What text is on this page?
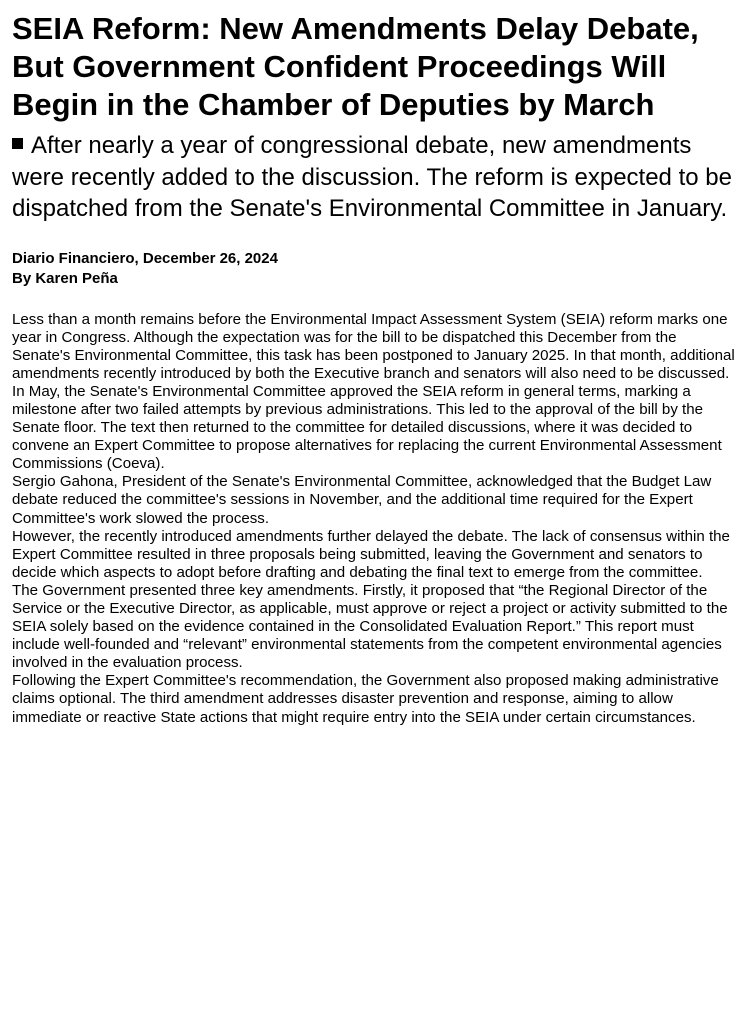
SEIA Reform: New Amendments Delay Debate, But Government Confident Proceedings Will Begin in the Chamber of Deputies by March
After nearly a year of congressional debate, new amendments were recently added to the discussion. The reform is expected to be dispatched from the Senate's Environmental Committee in January.
Diario Financiero, December 26, 2024
By Karen Peña

Less than a month remains before the Environmental Impact Assessment System (SEIA) reform marks one year in Congress. Although the expectation was for the bill to be dispatched this December from the Senate's Environmental Committee, this task has been postponed to January 2025. In that month, additional amendments recently introduced by both the Executive branch and senators will also need to be discussed.

In May, the Senate's Environmental Committee approved the SEIA reform in general terms, marking a milestone after two failed attempts by previous administrations. This led to the approval of the bill by the Senate floor. The text then returned to the committee for detailed discussions, where it was decided to convene an Expert Committee to propose alternatives for replacing the current Environmental Assessment Commissions (Coeva).

Sergio Gahona, President of the Senate's Environmental Committee, acknowledged that the Budget Law debate reduced the committee's sessions in November, and the additional time required for the Expert Committee's work slowed the process.

However, the recently introduced amendments further delayed the debate. The lack of consensus within the Expert Committee resulted in three proposals being submitted, leaving the Government and senators to decide which aspects to adopt before drafting and debating the final text to emerge from the committee.

The Government presented three key amendments. Firstly, it proposed that “the Regional Director of the Service or the Executive Director, as applicable, must approve or reject a project or activity submitted to the SEIA solely based on the evidence contained in the Consolidated Evaluation Report.” This report must include well-founded and “relevant” environmental statements from the competent environmental agencies involved in the evaluation process.

Following the Expert Committee's recommendation, the Government also proposed making administrative claims optional. The third amendment addresses disaster prevention and response, aiming to allow immediate or reactive State actions that might require entry into the SEIA under certain circumstances.
